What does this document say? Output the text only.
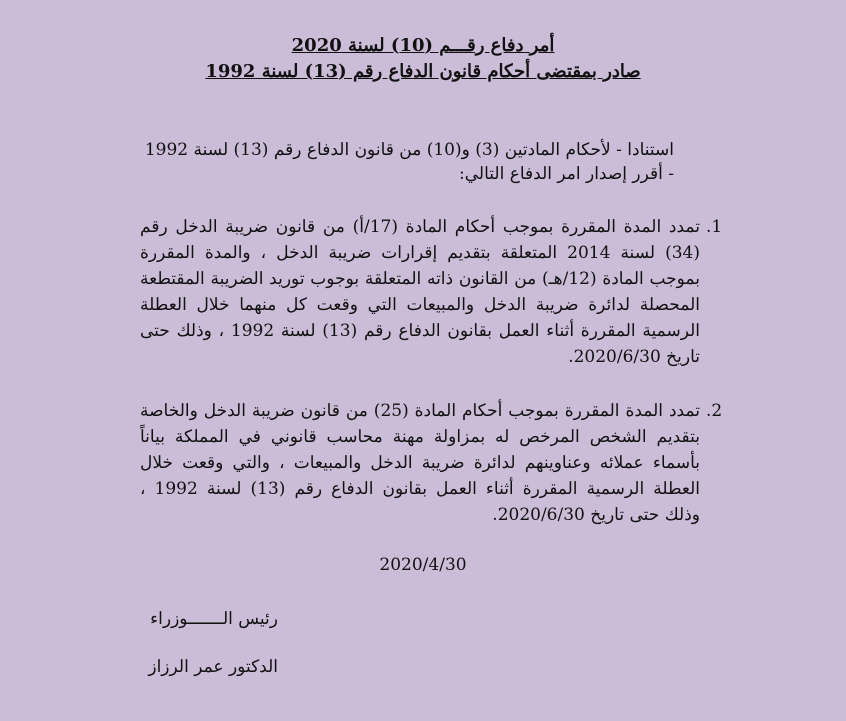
أمر دفاع رقـــم (10) لسنة 2020
صادر بمقتضى أحكام قانون الدفاع رقم (13) لسنة 1992

استنادا - لأحكام المادتين (3) و(10) من قانون الدفاع رقم (13) لسنة 1992

- أقرر إصدار امر الدفاع التالي:

1.
تمدد المدة المقررة بموجب أحكام المادة (17/أ) من قانون ضريبة الدخل رقم (34) لسنة 2014 المتعلقة بتقديم إقرارات ضريبة الدخل ، والمدة المقررة بموجب المادة (12/هـ) من القانون ذاته المتعلقة بوجوب توريد الضريبة المقتطعة المحصلة لدائرة ضريبة الدخل والمبيعات التي وقعت كل منهما خلال العطلة الرسمية المقررة أثناء العمل بقانون الدفاع رقم (13) لسنة 1992 ، وذلك حتى تاريخ 2020/6/30.
2.
تمدد المدة المقررة بموجب أحكام المادة (25) من قانون ضريبة الدخل والخاصة بتقديم الشخص المرخص له بمزاولة مهنة محاسب قانوني في المملكة بياناً بأسماء عملائه وعناوينهم لدائرة ضريبة الدخل والمبيعات ، والتي وقعت خلال العطلة الرسمية المقررة أثناء العمل بقانون الدفاع رقم (13) لسنة 1992 ، وذلك حتى تاريخ 2020/6/30.
2020/4/30
رئيس الـــــــوزراء
الدكتور عمر الرزاز
